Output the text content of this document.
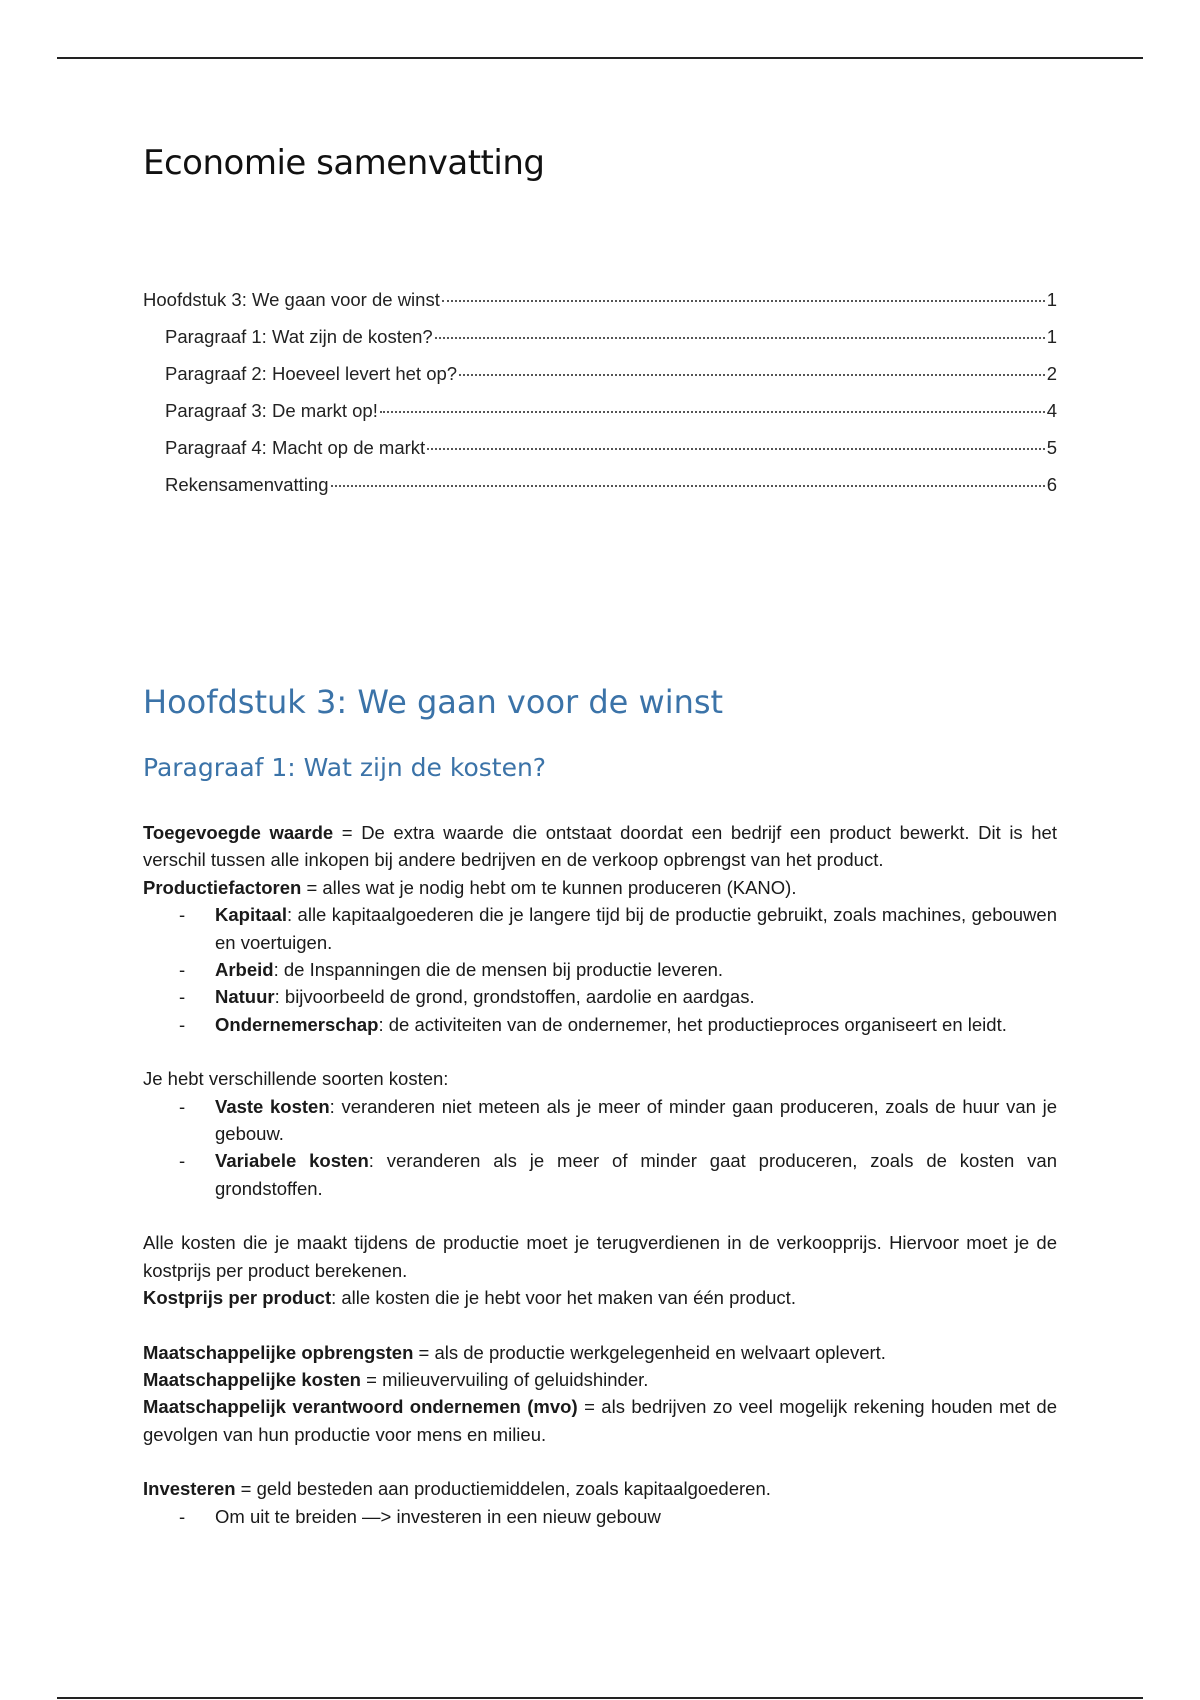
Economie samenvatting
Hoofdstuk 3: We gaan voor de winst	1
Paragraaf 1: Wat zijn de kosten?	1
Paragraaf 2: Hoeveel levert het op?	2
Paragraaf 3: De markt op!	4
Paragraaf 4: Macht op de markt	5
Rekensamenvatting	6
Hoofdstuk 3: We gaan voor de winst
Paragraaf 1: Wat zijn de kosten?

Toegevoegde waarde = De extra waarde die ontstaat doordat een bedrijf een product bewerkt. Dit is het verschil tussen alle inkopen bij andere bedrijven en de verkoop opbrengst van het product.

Productiefactoren = alles wat je nodig hebt om te kunnen produceren (KANO).

- Kapitaal: alle kapitaalgoederen die je langere tijd bij de productie gebruikt, zoals machines, gebouwen en voertuigen.
- Arbeid: de Inspanningen die de mensen bij productie leveren.
- Natuur: bijvoorbeeld de grond, grondstoffen, aardolie en aardgas.
- Ondernemerschap: de activiteiten van de ondernemer, het productieproces organiseert en leidt.

Je hebt verschillende soorten kosten:

- Vaste kosten: veranderen niet meteen als je meer of minder gaan produceren, zoals de huur van je gebouw.
- Variabele kosten: veranderen als je meer of minder gaat produceren, zoals de kosten van grondstoffen.

Alle kosten die je maakt tijdens de productie moet je terugverdienen in de verkoopprijs. Hiervoor moet je de kostprijs per product berekenen.

Kostprijs per product: alle kosten die je hebt voor het maken van één product.

Maatschappelijke opbrengsten = als de productie werkgelegenheid en welvaart oplevert.

Maatschappelijke kosten = milieuvervuiling of geluidshinder.

Maatschappelijk verantwoord ondernemen (mvo) = als bedrijven zo veel mogelijk rekening houden met de gevolgen van hun productie voor mens en milieu.

Investeren = geld besteden aan productiemiddelen, zoals kapitaalgoederen.

- Om uit te breiden —> investeren in een nieuw gebouw
